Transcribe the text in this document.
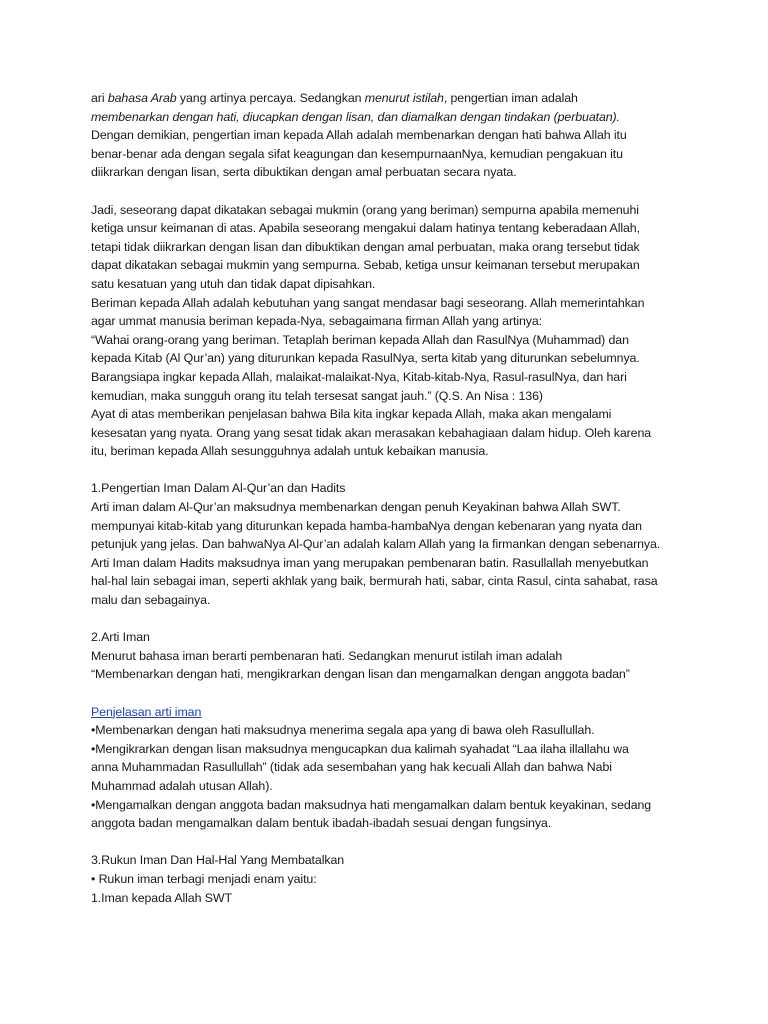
ari bahasa Arab yang artinya percaya. Sedangkan menurut istilah, pengertian iman adalah
membenarkan dengan hati, diucapkan dengan lisan, dan diamalkan dengan tindakan (perbuatan).
Dengan demikian, pengertian iman kepada Allah adalah membenarkan dengan hati bahwa Allah itu
benar-benar ada dengan segala sifat keagungan dan kesempurnaanNya, kemudian pengakuan itu
diikrarkan dengan lisan, serta dibuktikan dengan amal perbuatan secara nyata.
Jadi, seseorang dapat dikatakan sebagai mukmin (orang yang beriman) sempurna apabila memenuhi
ketiga unsur keimanan di atas. Apabila seseorang mengakui dalam hatinya tentang keberadaan Allah,
tetapi tidak diikrarkan dengan lisan dan dibuktikan dengan amal perbuatan, maka orang tersebut tidak
dapat dikatakan sebagai mukmin yang sempurna. Sebab, ketiga unsur keimanan tersebut merupakan
satu kesatuan yang utuh dan tidak dapat dipisahkan.
Beriman kepada Allah adalah kebutuhan yang sangat mendasar bagi seseorang. Allah memerintahkan
agar ummat manusia beriman kepada-Nya, sebagaimana firman Allah yang artinya:
“Wahai orang-orang yang beriman. Tetaplah beriman kepada Allah dan RasulNya (Muhammad) dan
kepada Kitab (Al Qur’an) yang diturunkan kepada RasulNya, serta kitab yang diturunkan sebelumnya.
Barangsiapa ingkar kepada Allah, malaikat-malaikat-Nya, Kitab-kitab-Nya, Rasul-rasulNya, dan hari
kemudian, maka sungguh orang itu telah tersesat sangat jauh.” (Q.S. An Nisa : 136)
Ayat di atas memberikan penjelasan bahwa Bila kita ingkar kepada Allah, maka akan mengalami
kesesatan yang nyata. Orang yang sesat tidak akan merasakan kebahagiaan dalam hidup. Oleh karena
itu, beriman kepada Allah sesungguhnya adalah untuk kebaikan manusia.
1.Pengertian Iman Dalam Al-Qur’an dan Hadits
Arti iman dalam Al-Qur’an maksudnya membenarkan dengan penuh Keyakinan bahwa Allah SWT.
mempunyai kitab-kitab yang diturunkan kepada hamba-hambaNya dengan kebenaran yang nyata dan
petunjuk yang jelas. Dan bahwaNya Al-Qur’an adalah kalam Allah yang Ia firmankan dengan sebenarnya.
Arti Iman dalam Hadits maksudnya iman yang merupakan pembenaran batin. Rasullallah menyebutkan
hal-hal lain sebagai iman, seperti akhlak yang baik, bermurah hati, sabar, cinta Rasul, cinta sahabat, rasa
malu dan sebagainya.
2.Arti Iman
Menurut bahasa iman berarti pembenaran hati. Sedangkan menurut istilah iman adalah
“Membenarkan dengan hati, mengikrarkan dengan lisan dan mengamalkan dengan anggota badan”
Penjelasan arti iman
•Membenarkan dengan hati maksudnya menerima segala apa yang di bawa oleh Rasullullah.
•Mengikrarkan dengan lisan maksudnya mengucapkan dua kalimah syahadat “Laa ilaha illallahu wa
anna Muhammadan Rasullullah” (tidak ada sesembahan yang hak kecuali Allah dan bahwa Nabi
Muhammad adalah utusan Allah).
•Mengamalkan dengan anggota badan maksudnya hati mengamalkan dalam bentuk keyakinan, sedang
anggota badan mengamalkan dalam bentuk ibadah-ibadah sesuai dengan fungsinya.
3.Rukun Iman Dan Hal-Hal Yang Membatalkan
• Rukun iman terbagi menjadi enam yaitu:
1.Iman kepada Allah SWT
